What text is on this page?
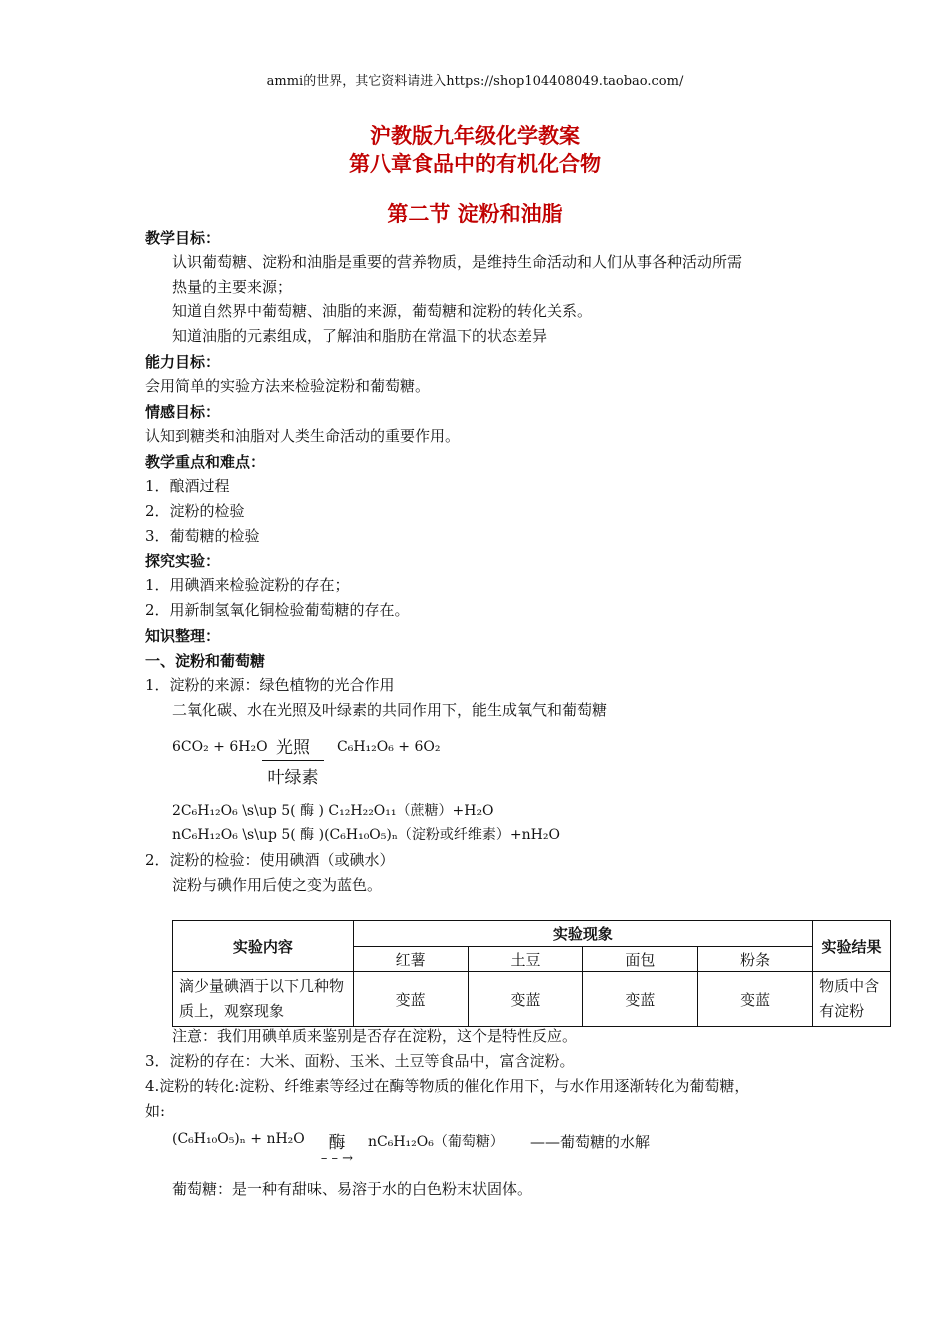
ammi的世界，其它资料请进入https://shop104408049.taobao.com/
沪教版九年级化学教案
第八章食品中的有机化合物
第二节 淀粉和油脂
教学目标：
认识葡萄糖、淀粉和油脂是重要的营养物质，是维持生命活动和人们从事各种活动所需
热量的主要来源；
知道自然界中葡萄糖、油脂的来源，葡萄糖和淀粉的转化关系。
知道油脂的元素组成，了解油和脂肪在常温下的状态差异
能力目标：
会用简单的实验方法来检验淀粉和葡萄糖。
情感目标：
认知到糖类和油脂对人类生命活动的重要作用。
教学重点和难点：
1．酿酒过程
2．淀粉的检验
3．葡萄糖的检验
探究实验：
1．用碘酒来检验淀粉的存在；
2．用新制氢氧化铜检验葡萄糖的存在。
知识整理：
一、淀粉和葡萄糖
1．淀粉的来源：绿色植物的光合作用
二氧化碳、水在光照及叶绿素的共同作用下，能生成氧气和葡萄糖
6CO₂ + 6H₂O 光照
叶绿素
C₆H₁₂O₆ + 6O₂
2C₆H₁₂O₆ \s\up 5( 酶 ) C₁₂H₂₂O₁₁（蔗糖）+H₂O
nC₆H₁₂O₆ \s\up 5( 酶 )(C₆H₁₀O₅)ₙ（淀粉或纤维素）+nH₂O
2．淀粉的检验：使用碘酒（或碘水）
淀粉与碘作用后使之变为蓝色。
实验内容	实验现象				实验结果
	红薯	土豆	面包	粉条	
滴少量碘酒于以下几种物质上，观察现象	变蓝	变蓝	变蓝	变蓝	物质中含有淀粉
注意：我们用碘单质来鉴别是否存在淀粉，这个是特性反应。
3．淀粉的存在：大米、面粉、玉米、土豆等食品中，富含淀粉。
4.淀粉的转化:淀粉、纤维素等经过在酶等物质的催化作用下，与水作用逐渐转化为葡萄糖，
如:
(C₆H₁₀O₅)ₙ + nH₂O	酶
– – →
nC₆H₁₂O₆（葡萄糖） ——葡萄糖的水解
葡萄糖：是一种有甜味、易溶于水的白色粉末状固体。
